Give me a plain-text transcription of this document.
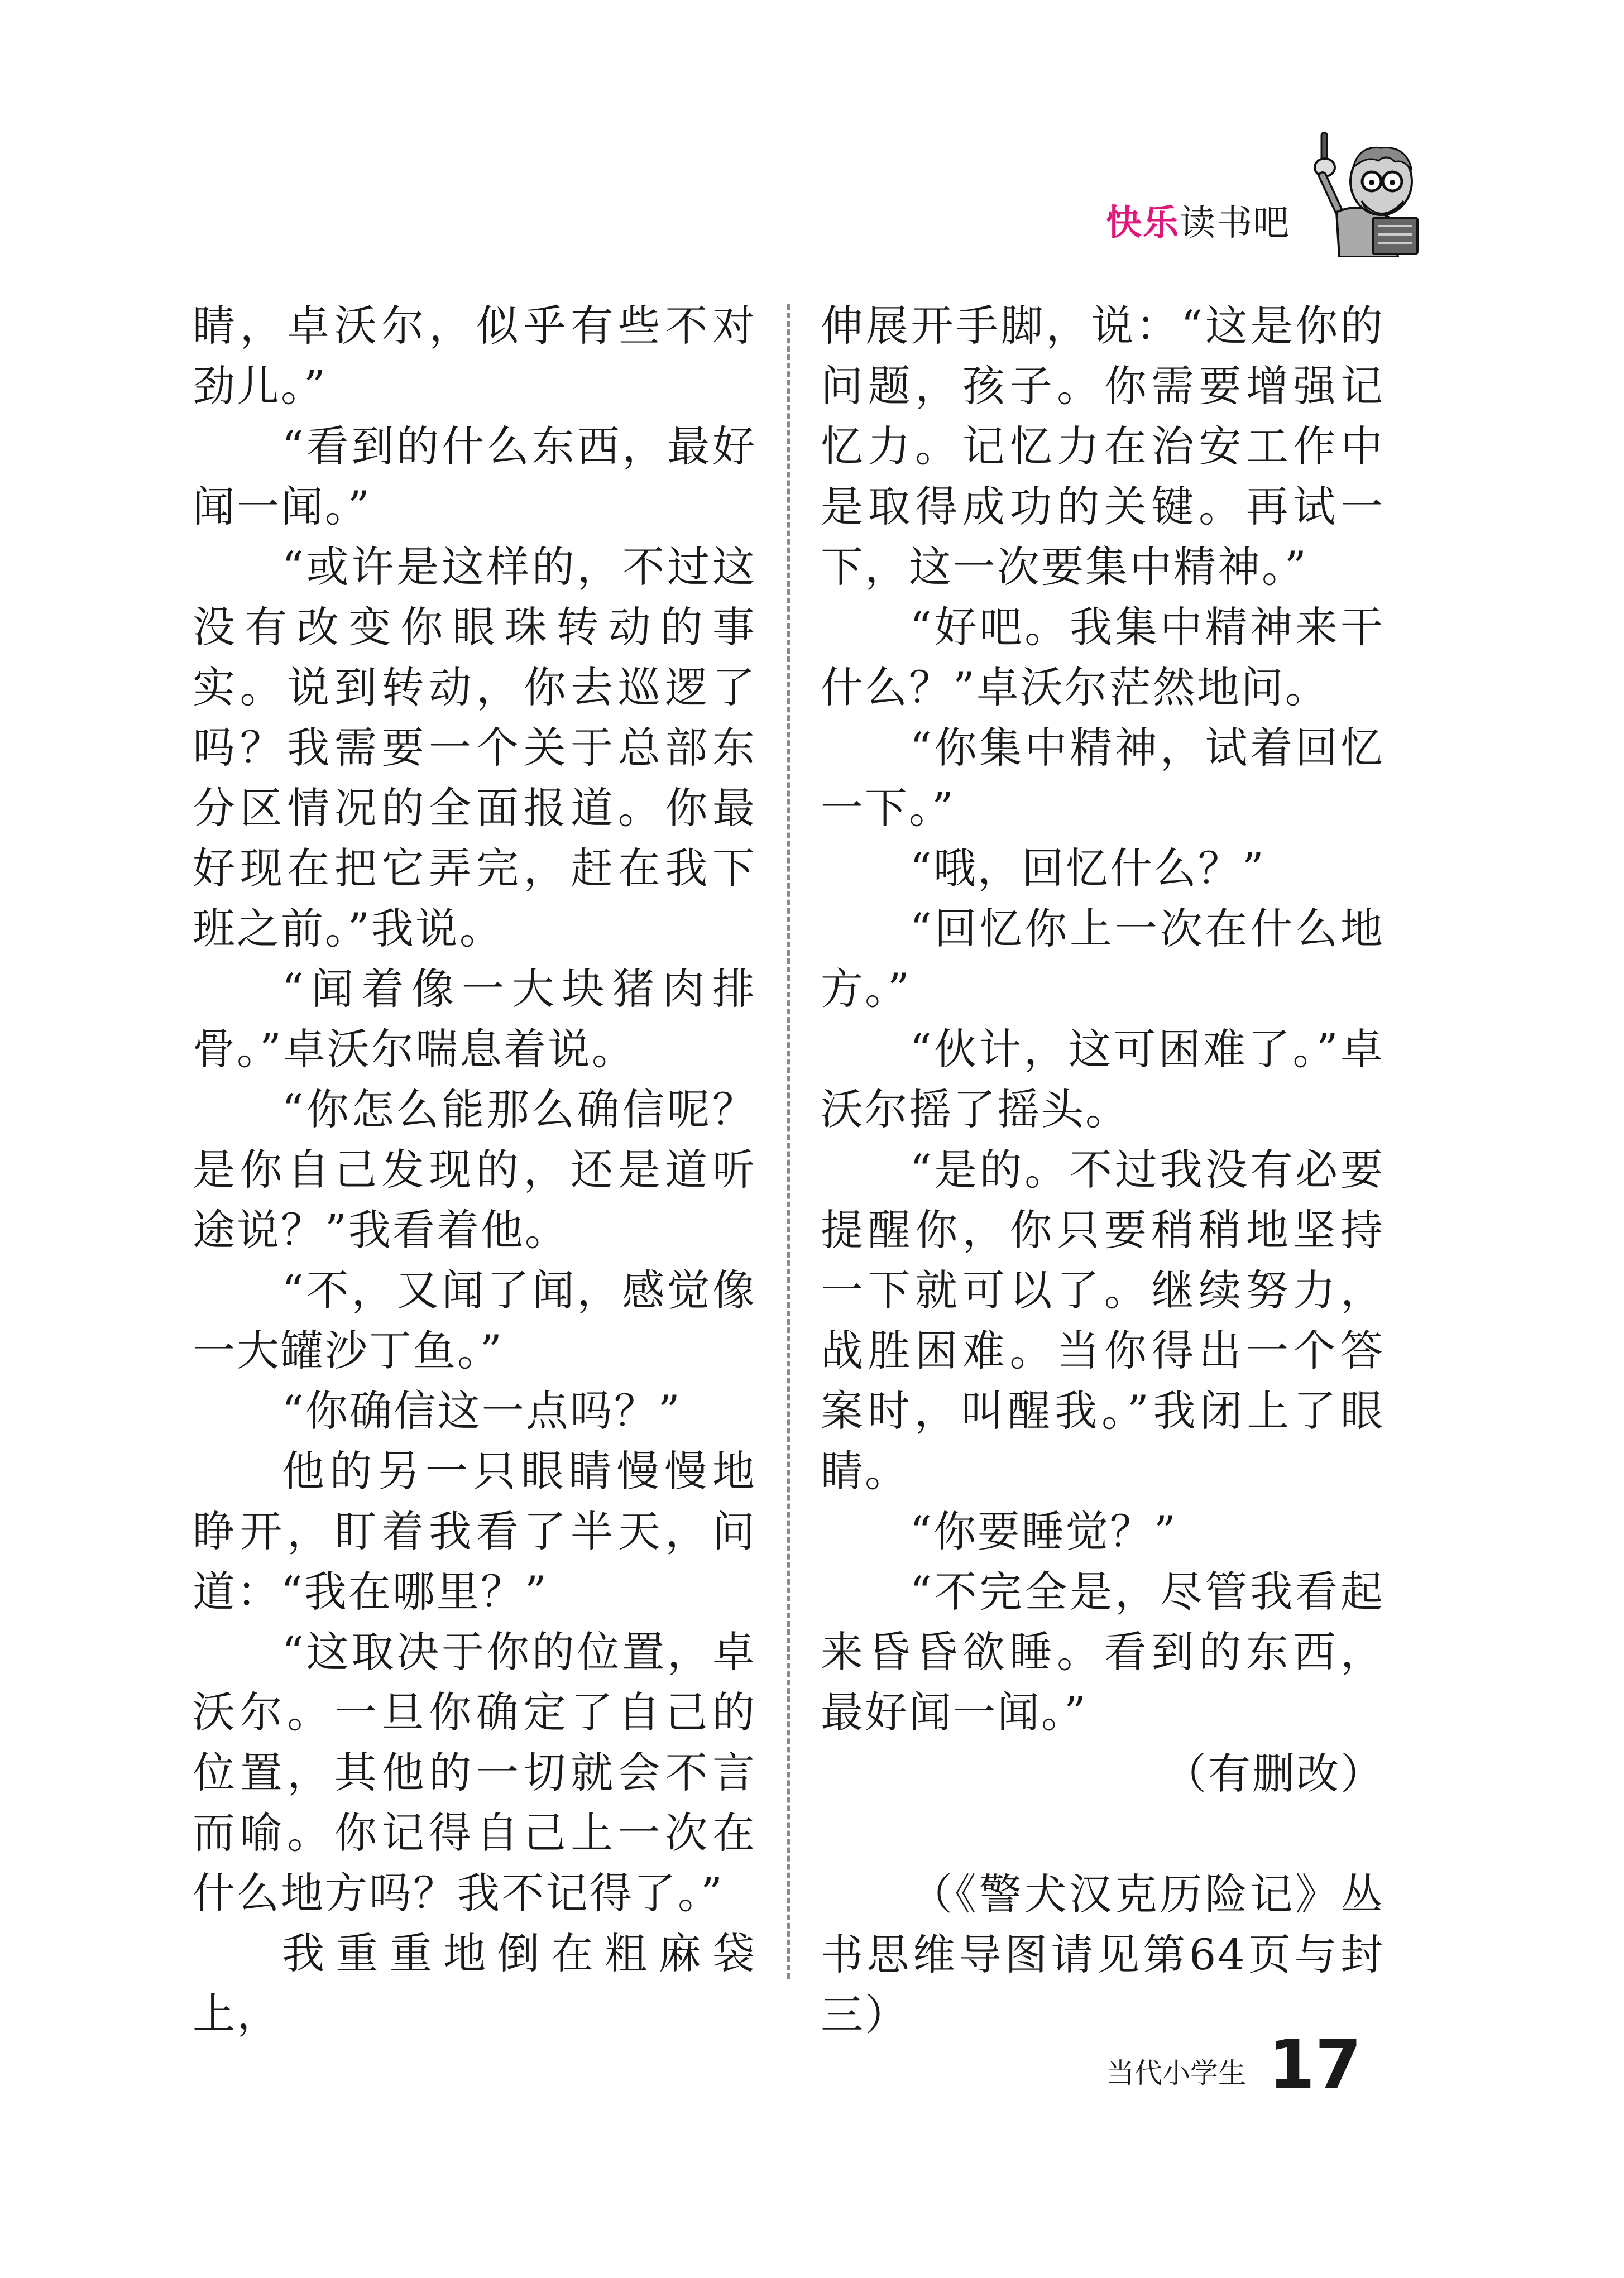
快乐读书吧

睛，卓沃尔，似乎有些不对劲儿。”

“看到的什么东西，最好闻一闻。”

“或许是这样的，不过这没有改变你眼珠转动的事实。说到转动，你去巡逻了吗？我需要一个关于总部东分区情况的全面报道。你最好现在把它弄完，赶在我下班之前。”我说。

“闻着像一大块猪肉排骨。”卓沃尔喘息着说。

“你怎么能那么确信呢？是你自己发现的，还是道听途说？”我看着他。

“不，又闻了闻，感觉像一大罐沙丁鱼。”

“你确信这一点吗？”

他的另一只眼睛慢慢地睁开，盯着我看了半天，问道：“我在哪里？”

“这取决于你的位置，卓沃尔。一旦你确定了自己的位置，其他的一切就会不言而喻。你记得自己上一次在什么地方吗？我不记得了。”

我重重地倒在粗麻袋上，

伸展开手脚，说：“这是你的问题，孩子。你需要增强记忆力。记忆力在治安工作中是取得成功的关键。再试一下，这一次要集中精神。”

“好吧。我集中精神来干什么？”卓沃尔茫然地问。

“你集中精神，试着回忆一下。”

“哦，回忆什么？”

“回忆你上一次在什么地方。”

“伙计，这可困难了。”卓沃尔摇了摇头。

“是的。不过我没有必要提醒你，你只要稍稍地坚持一下就可以了。继续努力，战胜困难。当你得出一个答案时，叫醒我。”我闭上了眼睛。

“你要睡觉？”

“不完全是，尽管我看起来昏昏欲睡。看到的东西，最好闻一闻。”

（有删改）

（《警犬汉克历险记》丛书思维导图请见第64页与封三）

当代小学生 17
